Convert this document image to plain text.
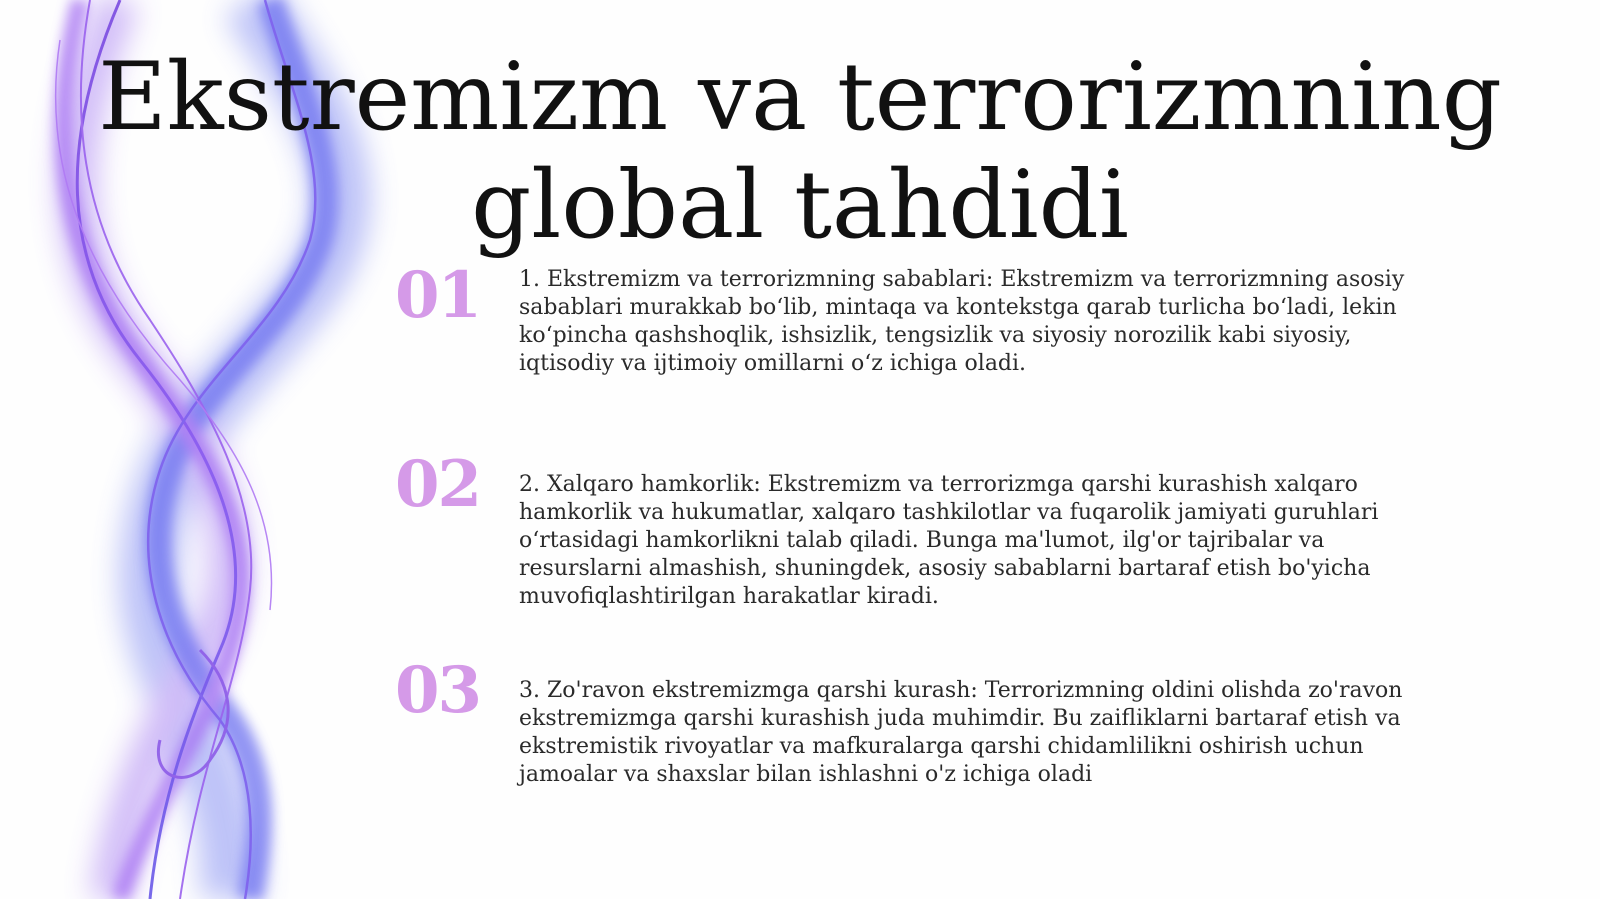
Ekstremizm va terrorizmning global tahdidi
01	1. Ekstremizm va terrorizmning sabablari: Ekstremizm va terrorizmning asosiy sabablari murakkab bo‘lib, mintaqa va kontekstga qarab turlicha bo‘ladi, lekin ko‘pincha qashshoqlik, ishsizlik, tengsizlik va siyosiy norozilik kabi siyosiy, iqtisodiy va ijtimoiy omillarni o‘z ichiga oladi.

02	2. Xalqaro hamkorlik: Ekstremizm va terrorizmga qarshi kurashish xalqaro hamkorlik va hukumatlar, xalqaro tashkilotlar va fuqarolik jamiyati guruhlari o‘rtasidagi hamkorlikni talab qiladi. Bunga ma'lumot, ilg'or tajribalar va resurslarni almashish, shuningdek, asosiy sabablarni bartaraf etish bo'yicha muvofiqlashtirilgan harakatlar kiradi.

03	3. Zo'ravon ekstremizmga qarshi kurash: Terrorizmning oldini olishda zo'ravon ekstremizmga qarshi kurashish juda muhimdir. Bu zaifliklarni bartaraf etish va ekstremistik rivoyatlar va mafkuralarga qarshi chidamlilikni oshirish uchun jamoalar va shaxslar bilan ishlashni o'z ichiga oladi
